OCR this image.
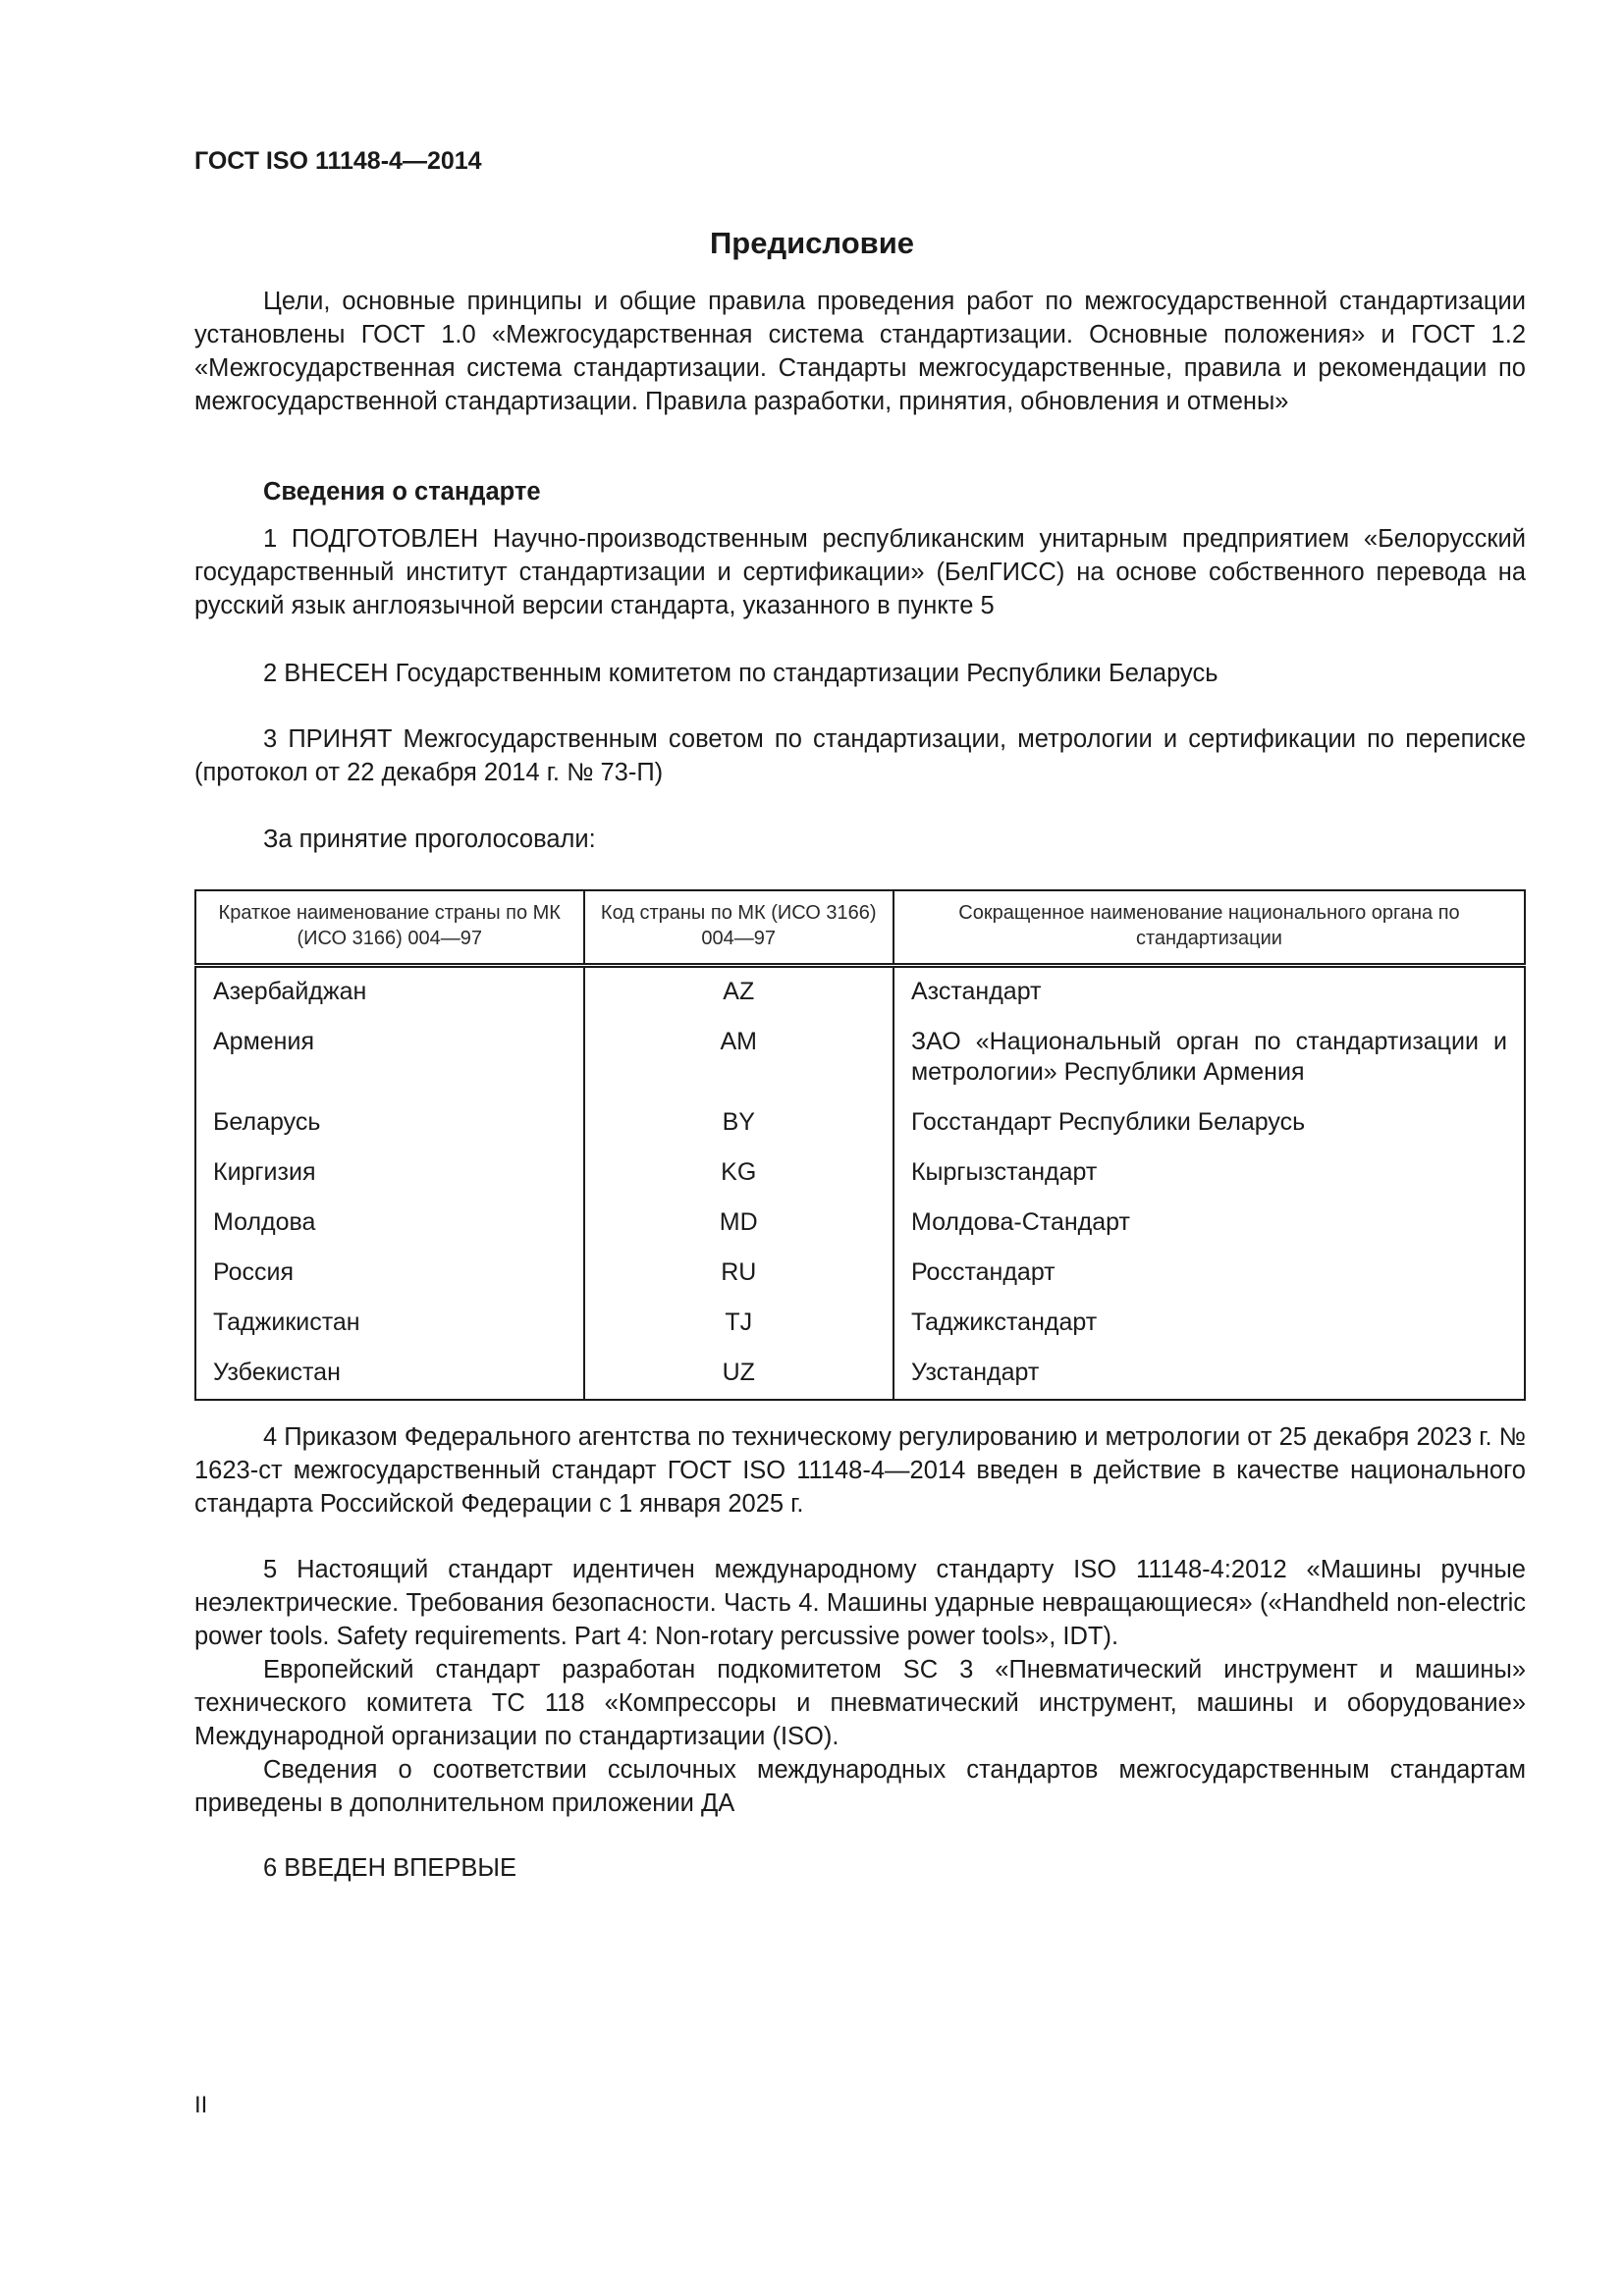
ГОСТ ISO 11148-4—2014
Предисловие

Цели, основные принципы и общие правила проведения работ по межгосударственной стандартизации установлены ГОСТ 1.0 «Межгосударственная система стандартизации. Основные положения» и ГОСТ 1.2 «Межгосударственная система стандартизации. Стандарты межгосударственные, правила и рекомендации по межгосударственной стандартизации. Правила разработки, принятия, обновления и отмены»

Сведения о стандарте

1 ПОДГОТОВЛЕН Научно-производственным республиканским унитарным предприятием «Белорусский государственный институт стандартизации и сертификации» (БелГИСС) на основе собственного перевода на русский язык англоязычной версии стандарта, указанного в пункте 5

2 ВНЕСЕН Государственным комитетом по стандартизации Республики Беларусь

3 ПРИНЯТ Межгосударственным советом по стандартизации, метрологии и сертификации по переписке (протокол от 22 декабря 2014 г. № 73-П)

За принятие проголосовали:

Краткое наименование страны по МК (ИСО 3166) 004—97	Код страны по МК (ИСО 3166) 004—97	Сокращенное наименование национального органа по стандартизации
Азербайджан	AZ	Азстандарт
Армения	AM	ЗАО «Национальный орган по стандартизации и метрологии» Республики Армения
Беларусь	BY	Госстандарт Республики Беларусь
Киргизия	KG	Кыргызстандарт
Молдова	MD	Молдова-Стандарт
Россия	RU	Росстандарт
Таджикистан	TJ	Таджикстандарт
Узбекистан	UZ	Узстандарт

4 Приказом Федерального агентства по техническому регулированию и метрологии от 25 декабря 2023 г. № 1623-ст межгосударственный стандарт ГОСТ ISO 11148-4—2014 введен в действие в качестве национального стандарта Российской Федерации с 1 января 2025 г.

5 Настоящий стандарт идентичен международному стандарту ISO 11148-4:2012 «Машины ручные неэлектрические. Требования безопасности. Часть 4. Машины ударные невращающиеся» («Handheld non-electric power tools. Safety requirements. Part 4: Non-rotary percussive power tools», IDT).

Европейский стандарт разработан подкомитетом SC 3 «Пневматический инструмент и машины» технического комитета TC 118 «Компрессоры и пневматический инструмент, машины и оборудование» Международной организации по стандартизации (ISO).

Сведения о соответствии ссылочных международных стандартов межгосударственным стандартам приведены в дополнительном приложении ДА

6 ВВЕДЕН ВПЕРВЫЕ

II
